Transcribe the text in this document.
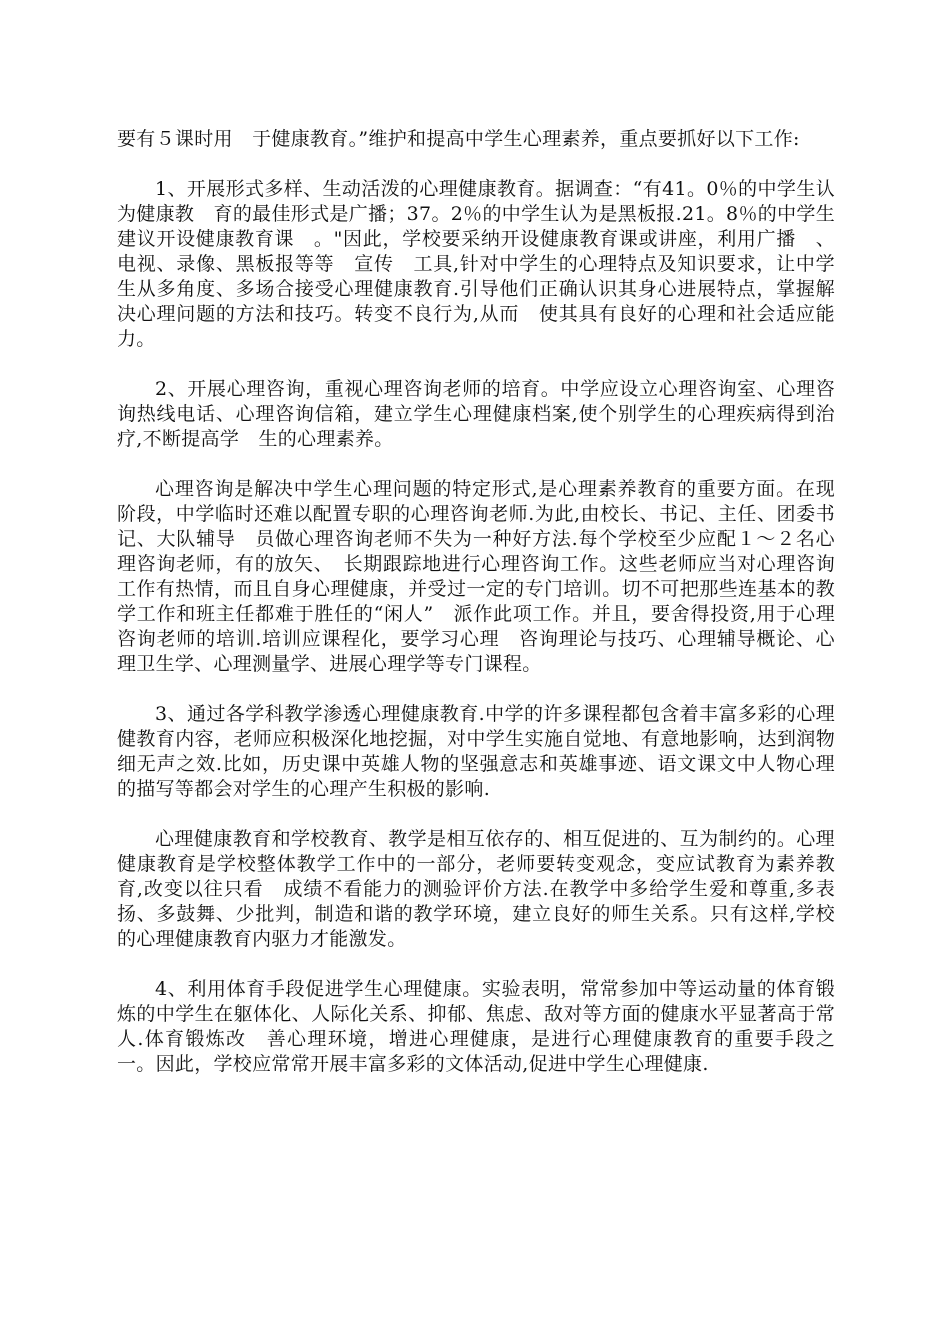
要有５课时用　于健康教育。”维护和提高中学生心理素养，重点要抓好以下工作:

1、开展形式多样、生动活泼的心理健康教育。据调查：“有41。0％的中学生认为健康教　育的最佳形式是广播；37。2％的中学生认为是黑板报.21。8％的中学生建议开设健康教育课　。"因此，学校要采纳开设健康教育课或讲座，利用广播　、电视、录像、黑板报等等　宣传　工具,针对中学生的心理特点及知识要求，让中学生从多角度、多场合接受心理健康教育.引导他们正确认识其身心进展特点，掌握解决心理问题的方法和技巧。转变不良行为,从而　使其具有良好的心理和社会适应能力。

2、开展心理咨询，重视心理咨询老师的培育。中学应设立心理咨询室、心理咨询热线电话、心理咨询信箱，建立学生心理健康档案,使个别学生的心理疾病得到治疗,不断提高学　生的心理素养。

心理咨询是解决中学生心理问题的特定形式,是心理素养教育的重要方面。在现阶段，中学临时还难以配置专职的心理咨询老师.为此,由校长、书记、主任、团委书记、大队辅导　员做心理咨询老师不失为一种好方法.每个学校至少应配１～２名心理咨询老师，有的放矢、　长期跟踪地进行心理咨询工作。这些老师应当对心理咨询工作有热情，而且自身心理健康，并受过一定的专门培训。切不可把那些连基本的教学工作和班主任都难于胜任的“闲人”　派作此项工作。并且，要舍得投资,用于心理咨询老师的培训.培训应课程化，要学习心理　咨询理论与技巧、心理辅导概论、心理卫生学、心理测量学、进展心理学等专门课程。

3、通过各学科教学渗透心理健康教育.中学的许多课程都包含着丰富多彩的心理健教育内容，老师应积极深化地挖掘，对中学生实施自觉地、有意地影响，达到润物细无声之效.比如，历史课中英雄人物的坚强意志和英雄事迹、语文课文中人物心理的描写等都会对学生的心理产生积极的影响.

心理健康教育和学校教育、教学是相互依存的、相互促进的、互为制约的。心理健康教育是学校整体教学工作中的一部分，老师要转变观念，变应试教育为素养教育,改变以往只看　成绩不看能力的测验评价方法.在教学中多给学生爱和尊重,多表扬、多鼓舞、少批判，制造和谐的教学环境，建立良好的师生关系。只有这样,学校的心理健康教育内驱力才能激发。

4、利用体育手段促进学生心理健康。实验表明，常常参加中等运动量的体育锻炼的中学生在躯体化、人际化关系、抑郁、焦虑、敌对等方面的健康水平显著高于常人.体育锻炼改　善心理环境，增进心理健康，是进行心理健康教育的重要手段之一。因此，学校应常常开展丰富多彩的文体活动,促进中学生心理健康.
